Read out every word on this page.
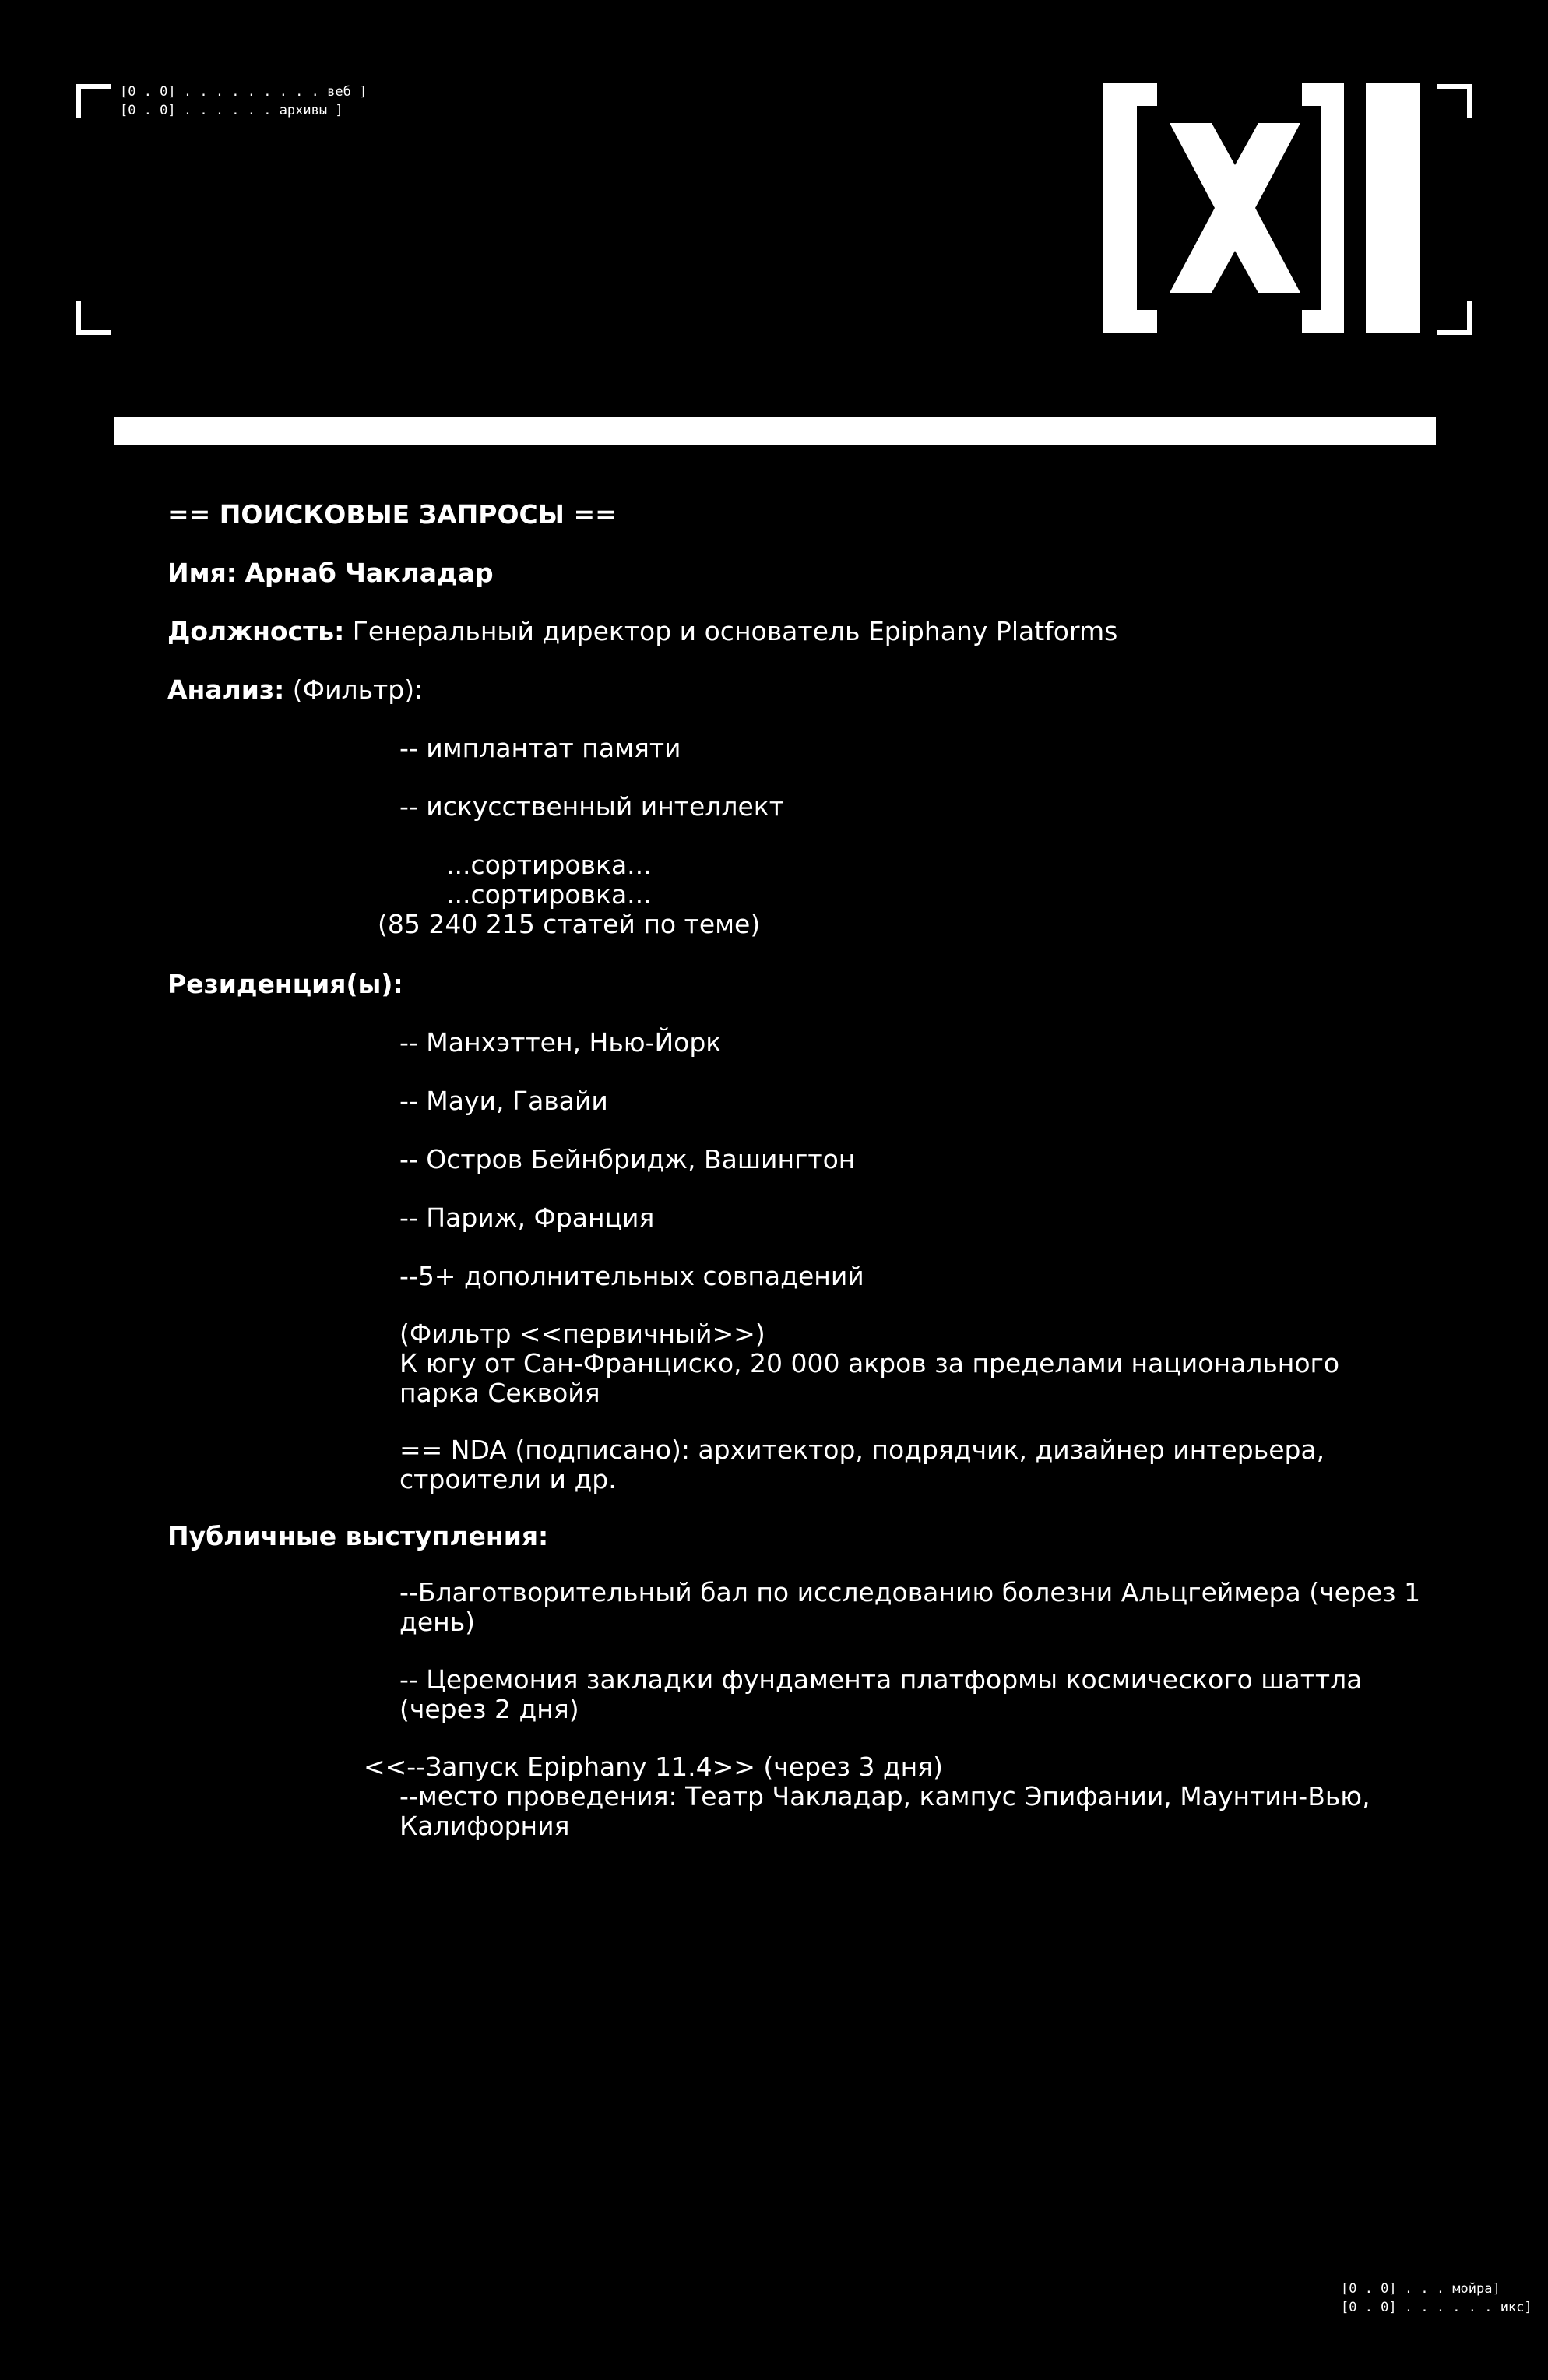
[0 . 0] . . . . . . . . . веб ]
[0 . 0] . . . . . . архивы ]
== ПОИСКОВЫЕ ЗАПРОСЫ ==
Имя: Арнаб Чакладар
Должность: Генеральный директор и основатель Epiphany Platforms
Анализ: (Фильтр):
-- имплантат памяти
-- искусственный интеллект
...сортировка...
...сортировка...
(85 240 215 статей по теме)
Резиденция(ы):
-- Манхэттен, Нью-Йорк
-- Мауи, Гавайи
-- Остров Бейнбридж, Вашингтон
-- Париж, Франция
--5+ дополнительных совпадений
(Фильтр <<первичный>>)
К югу от Сан-Франциско, 20 000 акров за пределами национального
парка Секвойя
== NDA (подписано): архитектор, подрядчик, дизайнер интерьера,
строители и др.
Публичные выступления:
--Благотворительный бал по исследованию болезни Альцгеймера (через 1
день)
-- Церемония закладки фундамента платформы космического шаттла
(через 2 дня)
<<--Запуск Epiphany 11.4>> (через 3 дня)
--место проведения: Театр Чакладар, кампус Эпифании, Маунтин-Вью,
Калифорния
[0 . 0] . . . мойра]
[0 . 0] . . . . . . икс]
